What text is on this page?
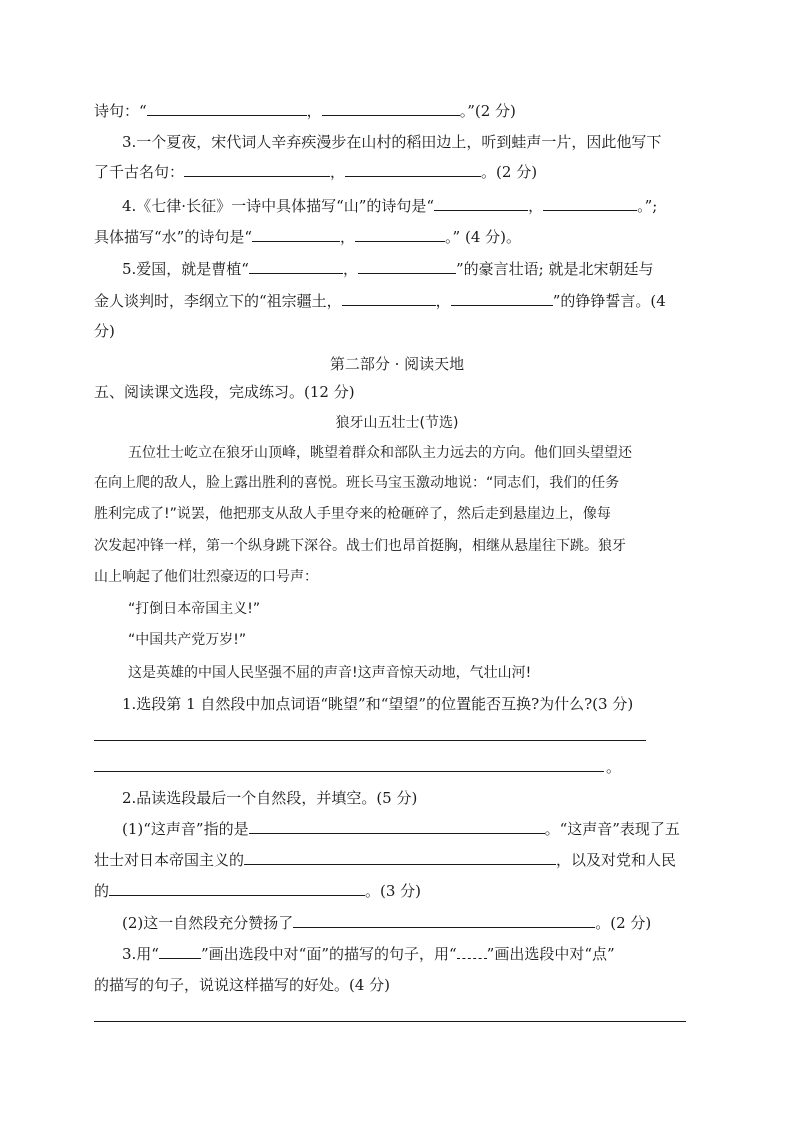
诗句：“	，	。”(2 分)
3.一个夏夜，宋代词人辛弃疾漫步在山村的稻田边上，听到蛙声一片，因此他写下
了千古名句：	，	。(2 分)
4.《七律·长征》一诗中具体描写“山”的诗句是“	，	。”;
具体描写“水”的诗句是“	，	。” (4 分)。
5.爱国，就是曹植“	，	”的豪言壮语; 就是北宋朝廷与
金人谈判时，李纲立下的“祖宗疆土，	，	”的铮铮誓言。(4
分)
第二部分 · 阅读天地
五、阅读课文选段，完成练习。(12 分)
狼牙山五壮士(节选)
五位壮士屹立在狼牙山顶峰，眺望着群众和部队主力远去的方向。他们回头望望还
在向上爬的敌人，脸上露出胜利的喜悦。班长马宝玉激动地说：“同志们，我们的任务
胜利完成了!”说罢，他把那支从敌人手里夺来的枪砸碎了，然后走到悬崖边上，像每
次发起冲锋一样，第一个纵身跳下深谷。战士们也昂首挺胸，相继从悬崖往下跳。狼牙
山上响起了他们壮烈豪迈的口号声：
“打倒日本帝国主义!”
“中国共产党万岁!”
这是英雄的中国人民坚强不屈的声音!这声音惊天动地，气壮山河!
1.选段第 1 自然段中加点词语“眺望”和“望望”的位置能否互换?为什么?(3 分)
。
2.品读选段最后一个自然段，并填空。(5 分)
(1)“这声音”指的是	。“这声音”表现了五
壮士对日本帝国主义的	，以及对党和人民
的	。(3 分)
(2)这一自然段充分赞扬了	。(2 分)
3.用“	”画出选段中对“面”的描写的句子，用“ ”画出选段中对“点”
的描写的句子，说说这样描写的好处。(4 分)
